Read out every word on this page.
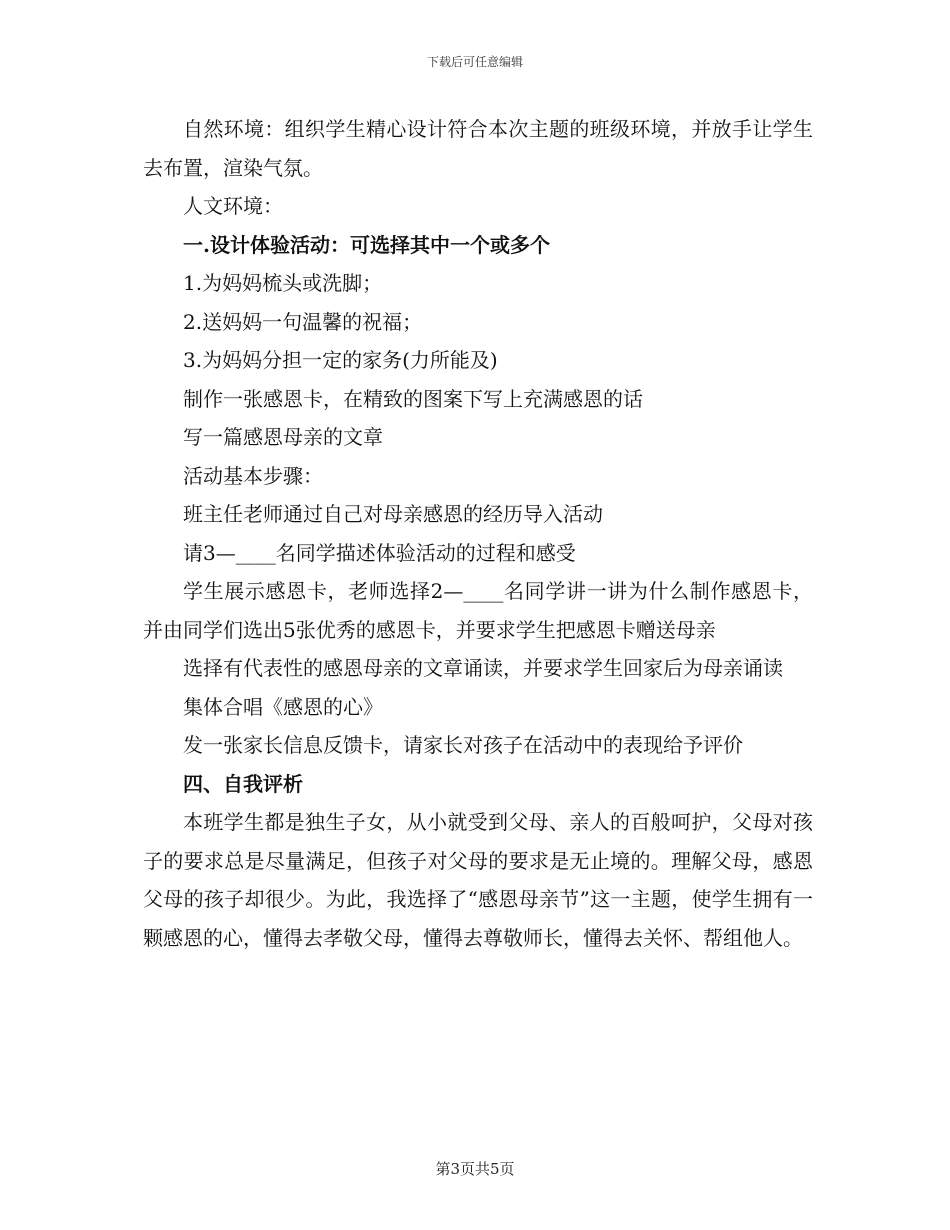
下载后可任意编辑

自然环境：组织学生精心设计符合本次主题的班级环境，并放手让学生去布置，渲染气氛。

人文环境：

一.设计体验活动：可选择其中一个或多个

1.为妈妈梳头或洗脚；

2.送妈妈一句温馨的祝福；

3.为妈妈分担一定的家务(力所能及)

制作一张感恩卡，在精致的图案下写上充满感恩的话

写一篇感恩母亲的文章

活动基本步骤：

班主任老师通过自己对母亲感恩的经历导入活动

请3—____名同学描述体验活动的过程和感受

学生展示感恩卡，老师选择2—____名同学讲一讲为什么制作感恩卡，并由同学们选出5张优秀的感恩卡，并要求学生把感恩卡赠送母亲

选择有代表性的感恩母亲的文章诵读，并要求学生回家后为母亲诵读

集体合唱《感恩的心》

发一张家长信息反馈卡，请家长对孩子在活动中的表现给予评价

四、自我评析

本班学生都是独生子女，从小就受到父母、亲人的百般呵护，父母对孩子的要求总是尽量满足，但孩子对父母的要求是无止境的。理解父母，感恩父母的孩子却很少。为此，我选择了“感恩母亲节”这一主题，使学生拥有一颗感恩的心，懂得去孝敬父母，懂得去尊敬师长，懂得去关怀、帮组他人。

第3页共5页
